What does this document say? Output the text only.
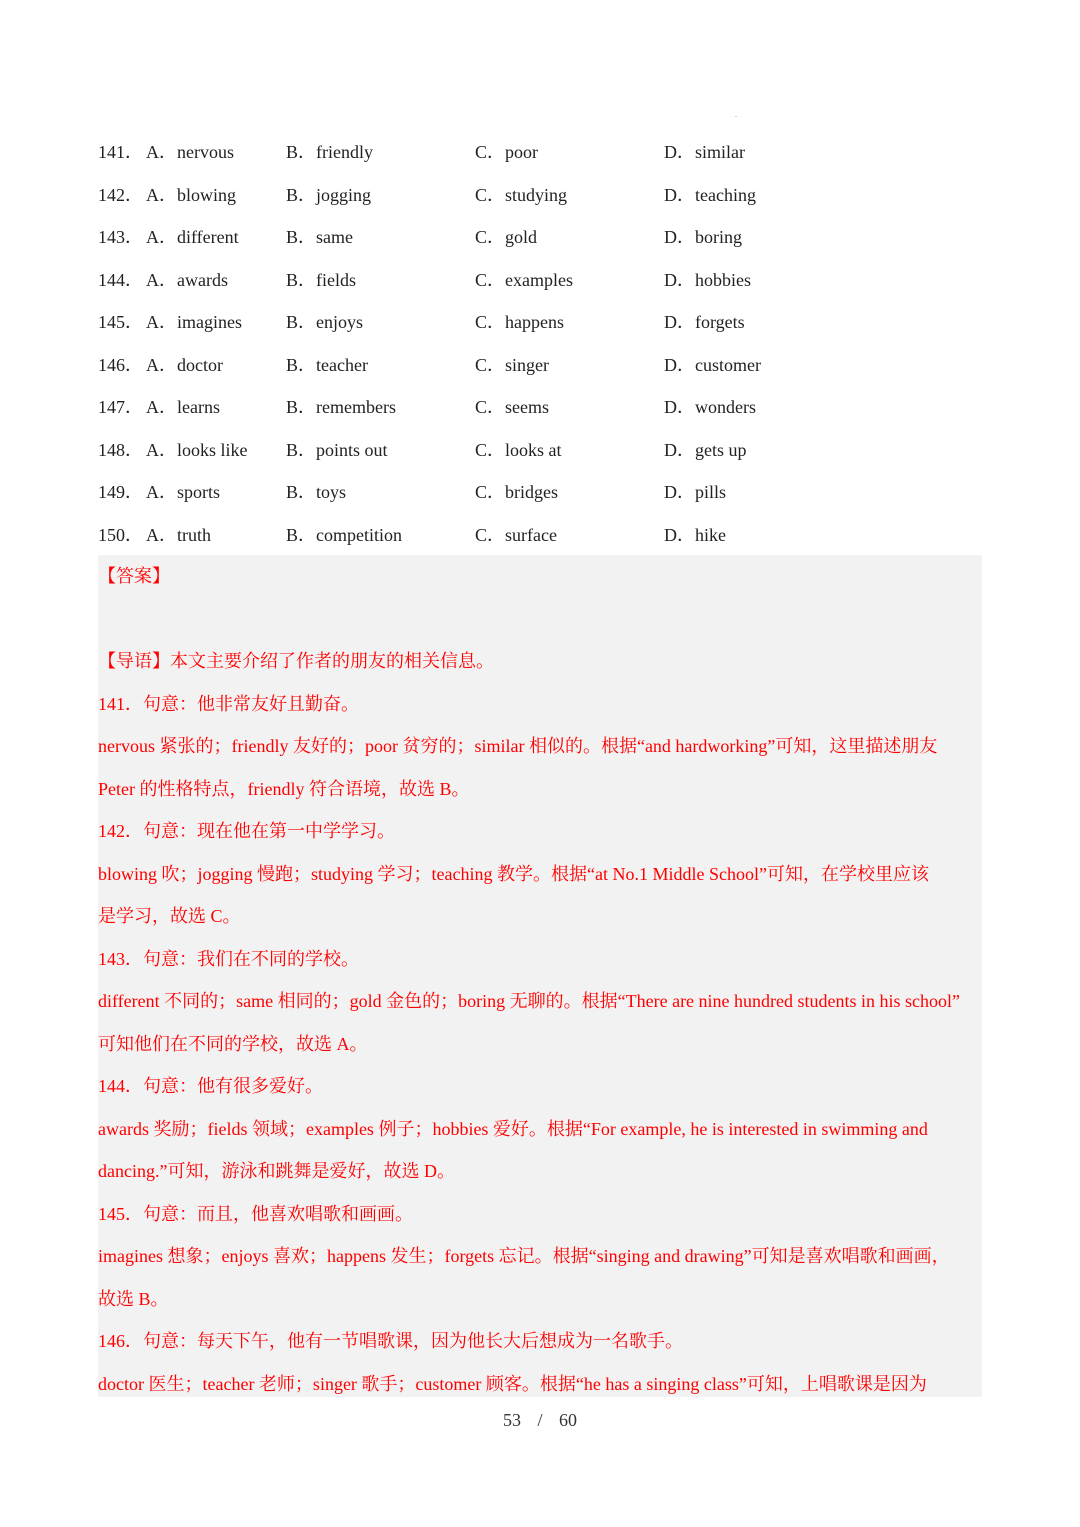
141． A．nervous	B．friendly	C．poor	D．similar
142． A．blowing	B．jogging	C．studying	D．teaching
143． A．different	B．same	C．gold	D．boring
144． A．awards	B．fields	C．examples	D．hobbies
145． A．imagines B．enjoys	C．happens	D．forgets
146． A．doctor	B．teacher	C．singer	D．customer
147． A．learns	B．remembers	C．seems	D．wonders
148． A．looks like B．points out	C．looks at	D．gets up
149． A．sports	B．toys	C．bridges	D．pills
150． A．truth	B．competition	C．surface	D．hike
【答案】
【导语】本文主要介绍了作者的朋友的相关信息。
141．句意：他非常友好且勤奋。
nervous 紧张的；friendly 友好的；poor 贫穷的；similar 相似的。根据“and hardworking”可知，这里描述朋友
Peter 的性格特点，friendly 符合语境，故选 B。
142．句意：现在他在第一中学学习。
blowing 吹；jogging 慢跑；studying 学习；teaching 教学。根据“at No.1 Middle School”可知，在学校里应该
是学习，故选 C。
143．句意：我们在不同的学校。
different 不同的；same 相同的；gold 金色的；boring 无聊的。根据“There are nine hundred students in his school”
可知他们在不同的学校，故选 A。
144．句意：他有很多爱好。
awards 奖励；fields 领域；examples 例子；hobbies 爱好。根据“For example, he is interested in swimming and
dancing.”可知，游泳和跳舞是爱好，故选 D。
145．句意：而且，他喜欢唱歌和画画。
imagines 想象；enjoys 喜欢；happens 发生；forgets 忘记。根据“singing and drawing”可知是喜欢唱歌和画画，
故选 B。
146．句意：每天下午，他有一节唱歌课，因为他长大后想成为一名歌手。
doctor 医生；teacher 老师；singer 歌手；customer 顾客。根据“he has a singing class”可知，上唱歌课是因为
53 / 60
